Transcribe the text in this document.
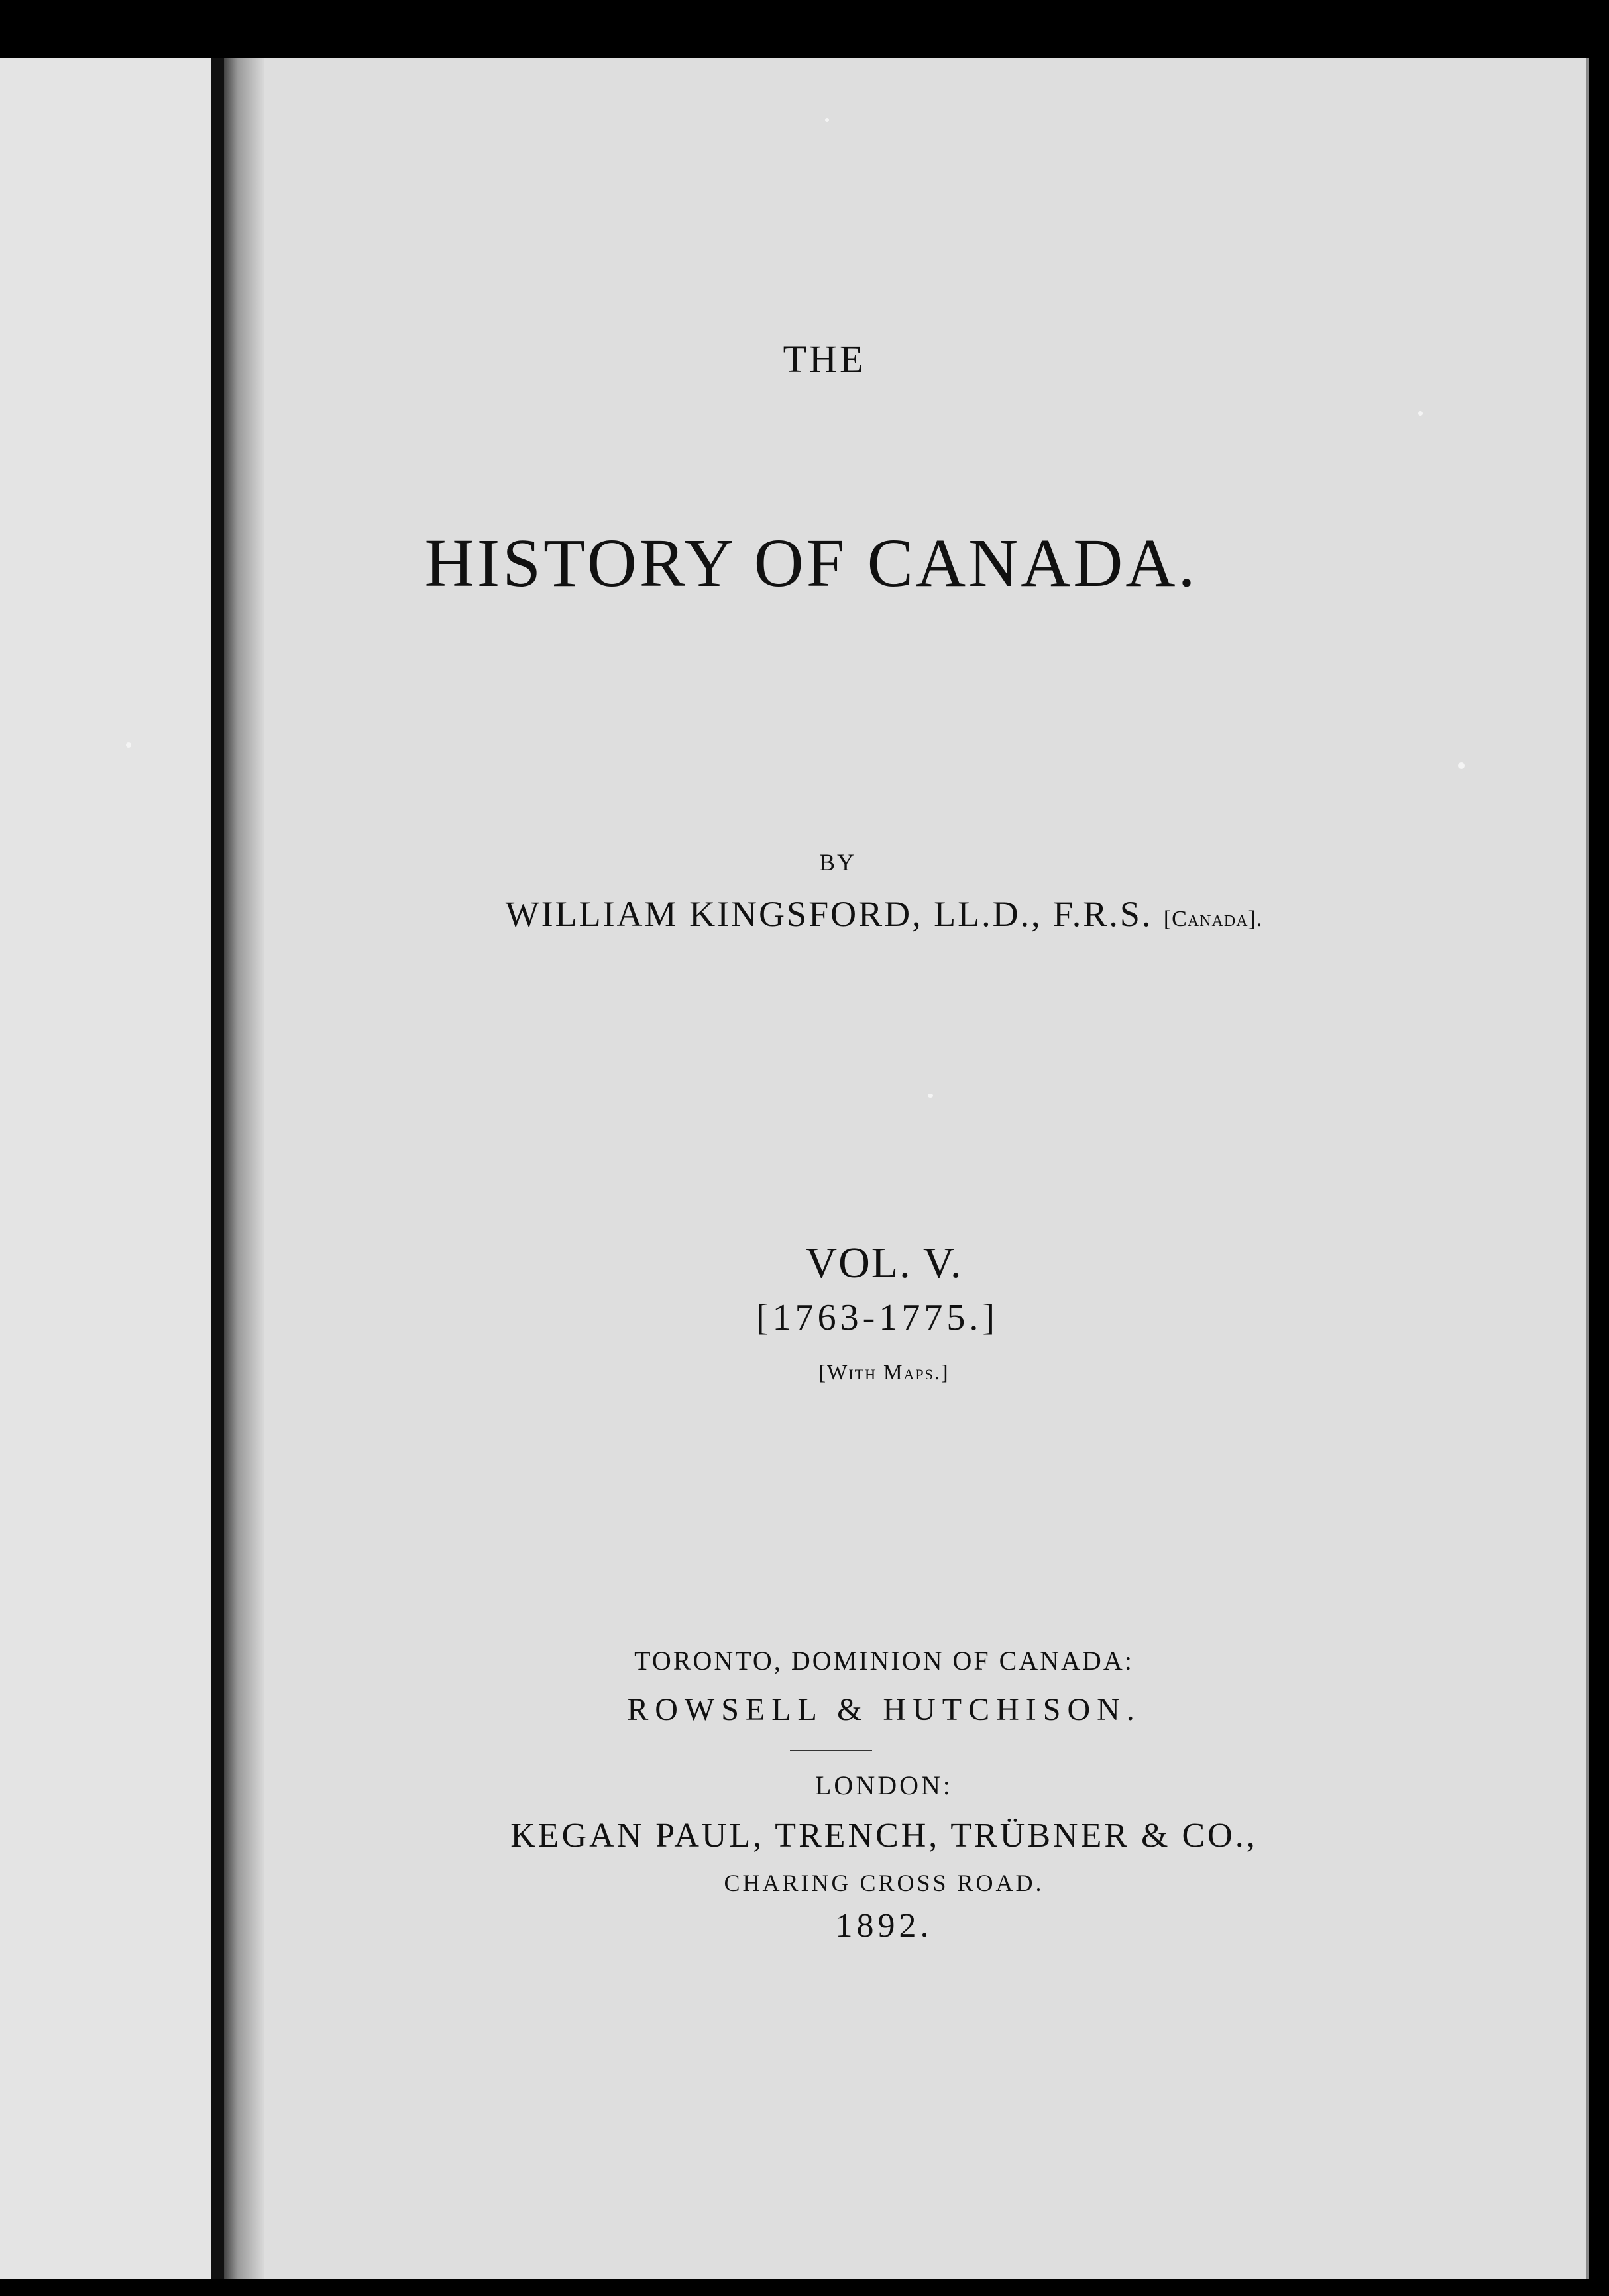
THE
HISTORY OF CANADA.
BY
WILLIAM KINGSFORD, LL.D., F.R.S. [Canada].
VOL. V.
[1763-1775.]
[With Maps.]
TORONTO, DOMINION OF CANADA:
ROWSELL & HUTCHISON.
LONDON:
KEGAN PAUL, TRENCH, TRÜBNER & CO.,
CHARING CROSS ROAD.
1892.
